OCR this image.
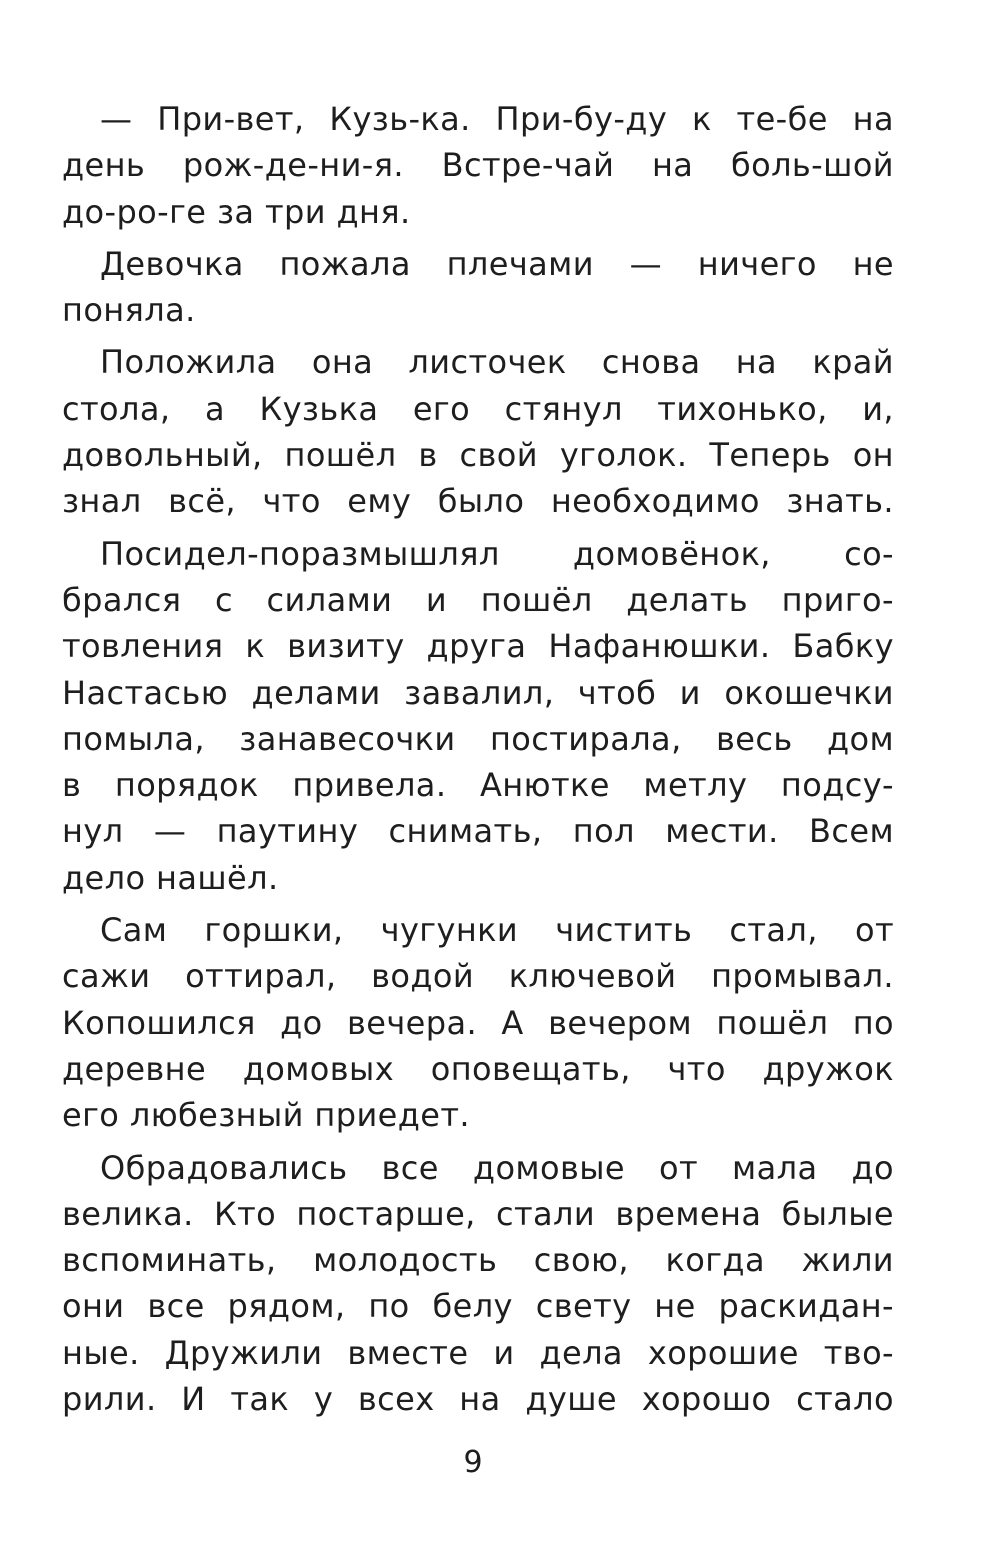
— При-вет, Кузь-ка. При-бу-ду к те-бе на
день рож-де-ни-я. Встре-чай на боль-шой
до-ро-ге за три дня.
Девочка пожала плечами — ничего не
поняла.
Положила она листочек снова на край
стола, а Кузька его стянул тихонько, и,
довольный, пошёл в свой уголок. Теперь он
знал всё, что ему было необходимо знать.
Посидел-поразмышлял домовёнок, со-
брался с силами и пошёл делать приго-
товления к визиту друга Нафанюшки. Бабку
Настасью делами завалил, чтоб и окошечки
помыла, занавесочки постирала, весь дом
в порядок привела. Анютке метлу подсу-
нул — паутину снимать, пол мести. Всем
дело нашёл.
Сам горшки, чугунки чистить стал, от
сажи оттирал, водой ключевой промывал.
Копошился до вечера. А вечером пошёл по
деревне домовых оповещать, что дружок
его любезный приедет.
Обрадовались все домовые от мала до
велика. Кто постарше, стали времена былые
вспоминать, молодость свою, когда жили
они все рядом, по белу свету не раскидан-
ные. Дружили вместе и дела хорошие тво-
рили. И так у всех на душе хорошо стало
9
